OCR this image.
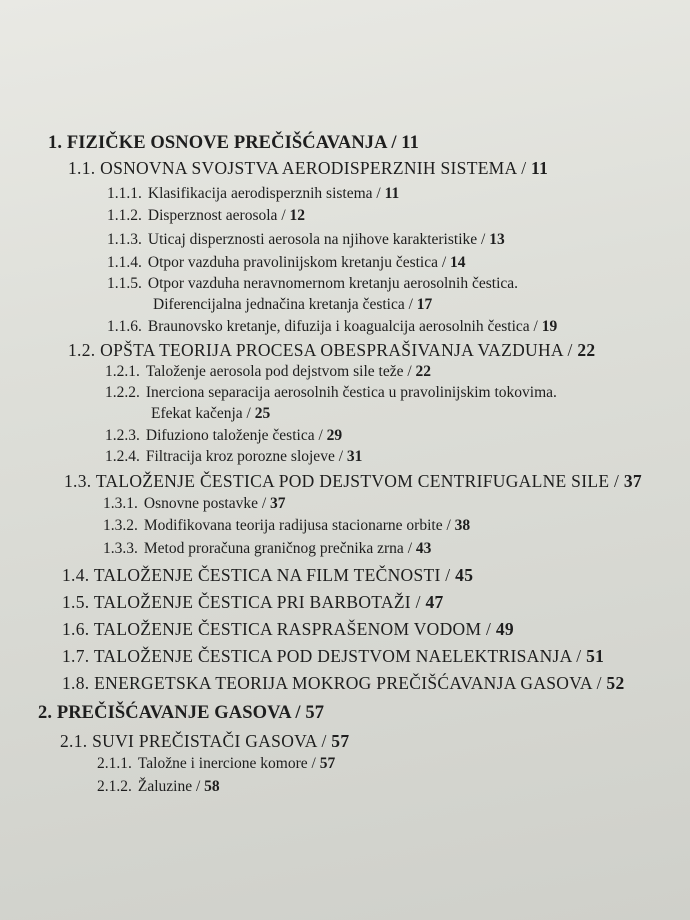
1. FIZIČKE OSNOVE PREČIŠĆAVANJA / 11
1.1. OSNOVNA SVOJSTVA AERODISPERZNIH SISTEMA / 11
1.1.1. Klasifikacija aerodisperznih sistema / 11
1.1.2. Disperznost aerosola / 12
1.1.3. Uticaj disperznosti aerosola na njihove karakteristike / 13
1.1.4. Otpor vazduha pravolinijskom kretanju čestica / 14
1.1.5. Otpor vazduha neravnomernom kretanju aerosolnih čestica.
Diferencijalna jednačina kretanja čestica / 17
1.1.6. Braunovsko kretanje, difuzija i koagualcija aerosolnih čestica / 19
1.2. OPŠTA TEORIJA PROCESA OBESPRAŠIVANJA VAZDUHA / 22
1.2.1. Taloženje aerosola pod dejstvom sile teže / 22
1.2.2. Inerciona separacija aerosolnih čestica u pravolinijskim tokovima.
Efekat kačenja / 25
1.2.3. Difuziono taloženje čestica / 29
1.2.4. Filtracija kroz porozne slojeve / 31
1.3. TALOŽENJE ČESTICA POD DEJSTVOM CENTRIFUGALNE SILE / 37
1.3.1. Osnovne postavke / 37
1.3.2. Modifikovana teorija radijusa stacionarne orbite / 38
1.3.3. Metod proračuna graničnog prečnika zrna / 43
1.4. TALOŽENJE ČESTICA NA FILM TEČNOSTI / 45
1.5. TALOŽENJE ČESTICA PRI BARBOTAŽI / 47
1.6. TALOŽENJE ČESTICA RASPRAŠENOM VODOM / 49
1.7. TALOŽENJE ČESTICA POD DEJSTVOM NAELEKTRISANJA / 51
1.8. ENERGETSKA TEORIJA MOKROG PREČIŠĆAVANJA GASOVA / 52
2. PREČIŠĆAVANJE GASOVA / 57
2.1. SUVI PREČISTAČI GASOVA / 57
2.1.1. Taložne i inercione komore / 57
2.1.2. Žaluzine / 58
